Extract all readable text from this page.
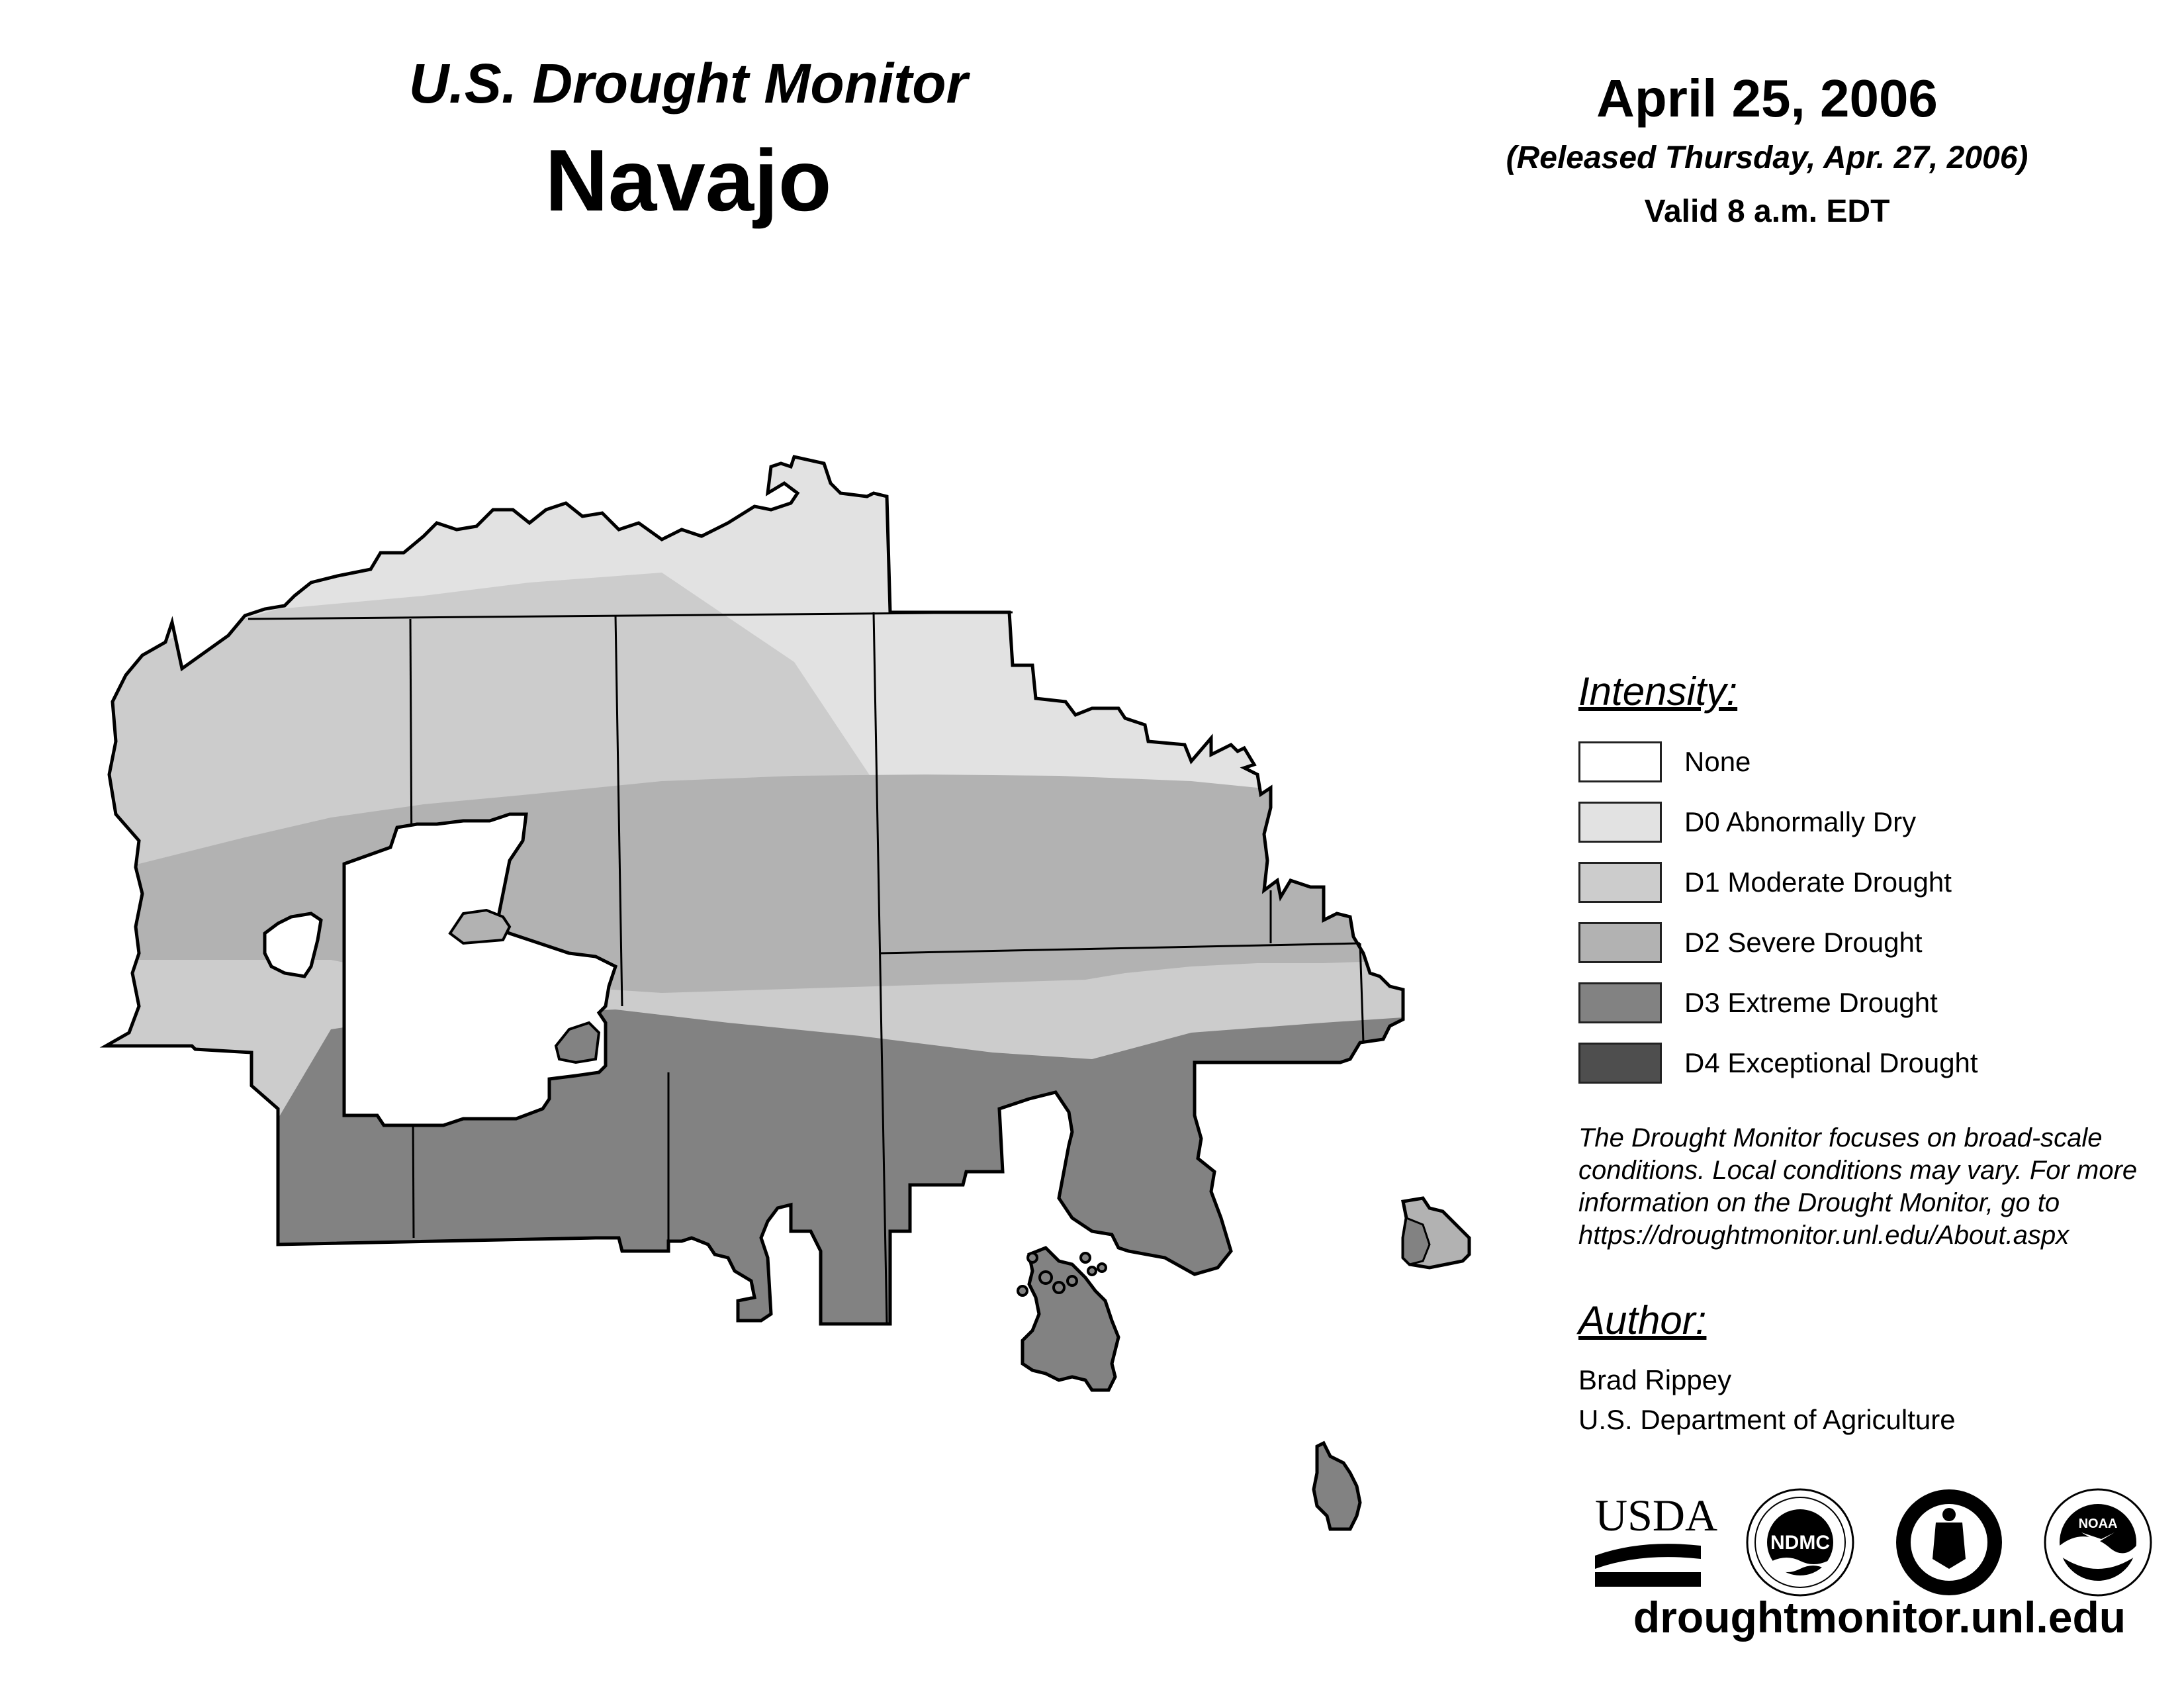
U.S. Drought Monitor
Navajo
April 25, 2006
(Released Thursday, Apr. 27, 2006)
Valid 8 a.m. EDT
Intensity:
None
D0 Abnormally Dry
D1 Moderate Drought
D2 Severe Drought
D3 Extreme Drought
D4 Exceptional Drought
The Drought Monitor focuses on broad-scale conditions. Local conditions may vary. For more information on the Drought Monitor, go to https://droughtmonitor.unl.edu/About.aspx
Author:
Brad Rippey
U.S. Department of Agriculture
USDA
NDMC
NOAA
droughtmonitor.unl.edu
